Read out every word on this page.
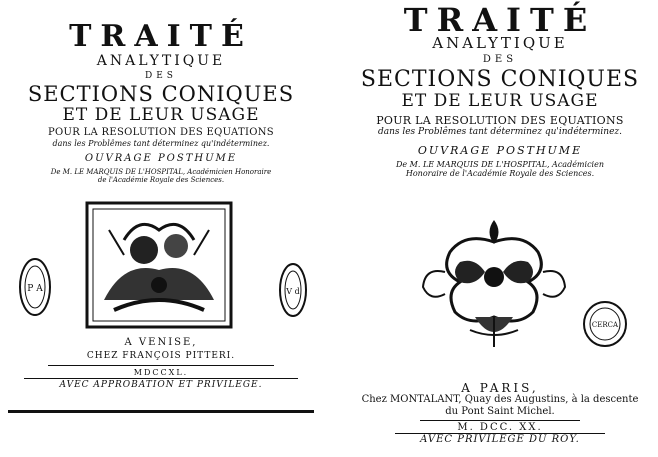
TRAITÉ
ANALYTIQUE
DES
SECTIONS CONIQUES
ET DE LEUR USAGE
POUR LA RESOLUTION DES EQUATIONS
dans les Problêmes tant déterminez qu'indéterminez.
OUVRAGE POSTHUME
De M. LE MARQUIS DE L'HOSPITAL, Académicien Honoraire
de l'Académie Royale des Sciences.
P A	V d
A VENISE,
CHEZ FRANÇOIS PITTERI.
MDCCXL.
AVEC APPROBATION ET PRIVILEGE.
TRAITÉ
ANALYTIQUE
DES
SECTIONS CONIQUES
ET DE LEUR USAGE
POUR LA RESOLUTION DES EQUATIONS
dans les Problêmes tant déterminez qu'indéterminez.
OUVRAGE POSTHUME
De M. LE MARQUIS DE L'HOSPITAL, Académicien
Honoraire de l'Académie Royale des Sciences.
CERCA
A PARIS,
Chez MONTALANT, Quay des Augustins, à la descente
du Pont Saint Michel.
M. DCC. XX.
AVEC PRIVILEGE DU ROY.
